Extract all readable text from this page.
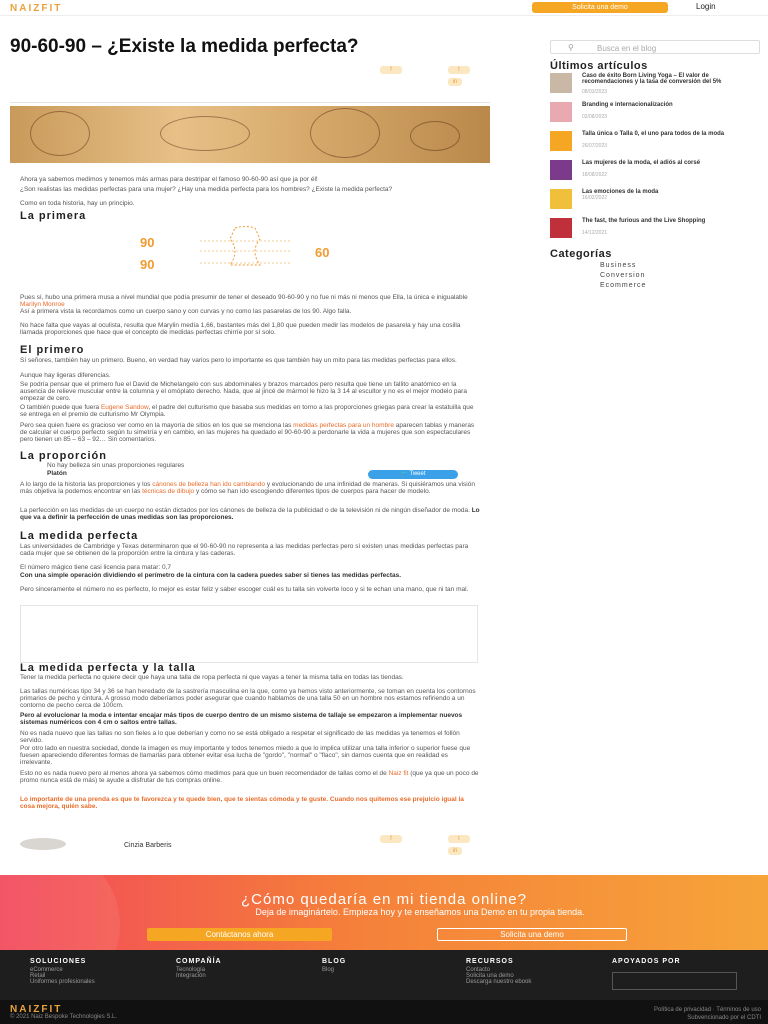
NAIZFIT	Solicita una demo	Login
90-60-90 – ¿Existe la medida perfecta?
f	t
in
Ahora ya sabemos medimos y tenemos más armas para destripar el famoso 90-60-90 así que ja por él!
¿Son realistas las medidas perfectas para una mujer? ¿Hay una medida perfecta para los hombres? ¿Existe la medida perfecta?
Como en toda historia, hay un principio.
La primera
90
60
90
Pues sí, hubo una primera musa a nivel mundial que podía presumir de tener el deseado 90-60-90 y no fue ni más ni menos que Ella, la única e inigualable Marilyn Monroe
Así a primera vista la recordamos como un cuerpo sano y con curvas y no como las pasarelas de los 90. Algo falla.
No hace falta que vayas al oculista, resulta que Marylin medía 1,66, bastantes más del 1,80 que pueden medir las modelos de pasarela y hay una cosilla llamada proporciones que hace que el concepto de medidas perfectas chirríe por sí solo.
El primero
Sí señores, también hay un primero. Bueno, en verdad hay varios pero lo importante es que también hay un mito para las medidas perfectas para ellos.
Aunque hay ligeras diferencias.
Se podría pensar que el primero fue el David de Michelangelo con sus abdominales y brazos marcados pero resulta que tiene un fallito anatómico en la ausencia de relieve muscular entre la columna y el omóplato derecho. Nada, que al jincé de mármol le hizo la 3 14 al escultor y no es el mejor modelo para empezar de cero.
O también puede que fuera Eugene Sandow, el padre del culturismo que basaba sus medidas en torno a las proporciones griegas para crear la estatuilla que se entrega en el premio de culturismo Mr Olympia.
Pero sea quien fuere es gracioso ver como en la mayoría de sitios en los que se menciona las medidas perfectas para un hombre aparecen tablas y maneras de calcular el cuerpo perfecto según tu simetría y en cambio, en las mujeres ha quedado el 90-60-90 a perdonarle la vida a mujeres que son espectaculares pero tienen un 85 – 63 – 92… Sin comentarios.
La proporción
No hay belleza sin unas proporciones regulares
Platón	🐦 Tweet
A lo largo de la historia las proporciones y los cánones de belleza han ido cambiando y evolucionando de una infinidad de maneras. Si quisiéramos una visión más objetiva la podemos encontrar en las técnicas de dibujo y cómo se han ido escogiendo diferentes tipos de cuerpos para hacer de modelo.
La perfección en las medidas de un cuerpo no están dictados por los cánones de belleza de la publicidad o de la televisión ni de ningún diseñador de moda. Lo que va a definir la perfección de unas medidas son las proporciones.
La medida perfecta
Las universidades de Cambridge y Texas determinaron que el 90-60-90 no representa a las medidas perfectas pero sí existen unas medidas perfectas para cada mujer que se obtienen de la proporción entre la cintura y las caderas.
El número mágico tiene casi licencia para matar: 0,7
Con una simple operación dividiendo el perímetro de la cintura con la cadera puedes saber si tienes las medidas perfectas.
Pero sinceramente el número no es perfecto, lo mejor es estar feliz y saber escoger cuál es tu talla sin volverte loco y si te echan una mano, que ni tan mal.
La medida perfecta y la talla
Tener la medida perfecta no quiere decir que haya una talla de ropa perfecta ni que vayas a tener la misma talla en todas las tiendas.
Las tallas numéricas tipo 34 y 36 se han heredado de la sastrería masculina en la que, como ya hemos visto anteriormente, se toman en cuenta los contornos primarios de pecho y cintura. A grosso modo deberíamos poder asegurar que cuando hablamos de una talla 50 en un hombre nos estamos refiriendo a un contorno de pecho cerca de 100cm.
Pero al evolucionar la moda e intentar encajar más tipos de cuerpo dentro de un mismo sistema de tallaje se empezaron a implementar nuevos sistemas numéricos con 4 cm o saltos entre tallas.
No es nada nuevo que las tallas no son fieles a lo que deberían y como no se está obligado a respetar el significado de las medidas ya tenemos el follón servido.
Por otro lado en nuestra sociedad, donde la imagen es muy importante y todos tenemos miedo a que lo implica utilizar una talla inferior o superior fuese que fuesen apareciendo diferentes formas de llamarlas para obtener evitar esa lucha de "gordo", "normal" o "flaco", sin darnos cuenta que en realidad es irrelevante.
Esto no es nada nuevo pero al menos ahora ya sabemos cómo medimos para que un buen recomendador de tallas como el de Naiz fit (que ya que un poco de promo nunca está de más) te ayude a disfrutar de tus compras online.
Lo importante de una prenda es que te favorezca y te quede bien, que te sientas cómoda y te guste. Cuando nos quitemos ese prejuicio igual la cosa mejora, quién sabe.
f	t
in
Cinzia Barberis
⚲	Busca en el blog
Últimos artículos
Caso de éxito Born Living Yoga – El valor de recomendaciones y la tasa de conversión del 5%
08/03/2023
Branding e internacionalización
02/08/2023
Talla única o Talla 0, el uno para todos de la moda
26/07/2023
Las mujeres de la moda, el adiós al corsé
18/08/2022
Las emociones de la moda
16/02/2022
The fast, the furious and the Live Shopping
14/12/2021
Categorías
Business
Conversion
Ecommerce
¿Cómo quedaría en mi tienda online?
Deja de imaginártelo. Empieza hoy y te enseñamos una Demo en tu propia tienda.
Contáctanos ahora	Solicita una demo
SOLUCIONES
eCommerce
Retail
Uniformes profesionales
COMPAÑÍA
Tecnología
Integración
BLOG
Blog
RECURSOS
Contacto
Solicita una demo
Descarga nuestro ebook
APOYADOS POR
NAIZFIT
© 2021 Naiz Bespoke Technologies S.L.
Política de privacidad · Términos de uso
Subvencionado por el CDTI
